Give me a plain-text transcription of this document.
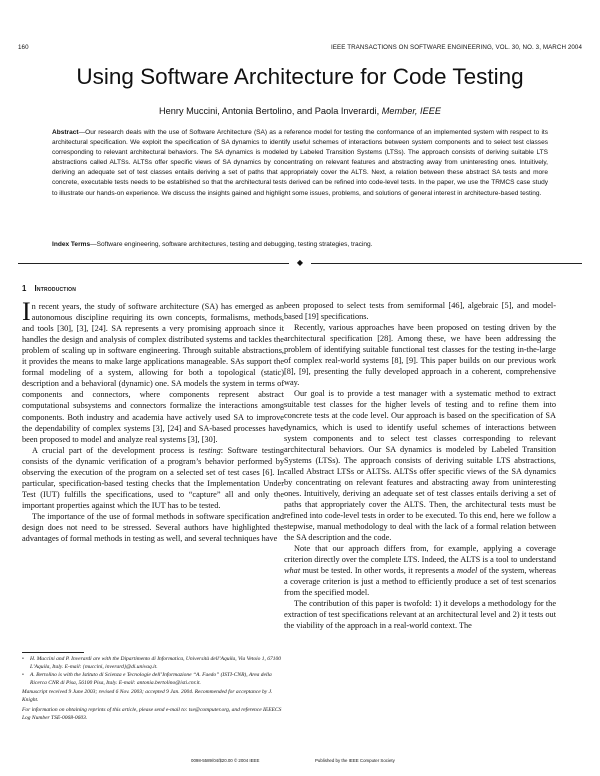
160	IEEE TRANSACTIONS ON SOFTWARE ENGINEERING, VOL. 30, NO. 3, MARCH 2004
Using Software Architecture for Code Testing
Henry Muccini, Antonia Bertolino, and Paola Inverardi, Member, IEEE
Abstract—Our research deals with the use of Software Architecture (SA) as a reference model for testing the conformance of an implemented system with respect to its architectural specification. We exploit the specification of SA dynamics to identify useful schemes of interactions between system components and to select test classes corresponding to relevant architectural behaviors. The SA dynamics is modeled by Labeled Transition Systems (LTSs). The approach consists of deriving suitable LTS abstractions called ALTSs. ALTSs offer specific views of SA dynamics by concentrating on relevant features and abstracting away from uninteresting ones. Intuitively, deriving an adequate set of test classes entails deriving a set of paths that appropriately cover the ALTS. Next, a relation between these abstract SA tests and more concrete, executable tests needs to be established so that the architectural tests derived can be refined into code-level tests. In the paper, we use the TRMCS case study to illustrate our hands-on experience. We discuss the insights gained and highlight some issues, problems, and solutions of general interest in architecture-based testing.
Index Terms—Software engineering, software architectures, testing and debugging, testing strategies, tracing.
◆
1 Introduction

In recent years, the study of software architecture (SA) has emerged as an autonomous discipline requiring its own concepts, formalisms, methods, and tools [30], [3], [24]. SA represents a very promising approach since it handles the design and analysis of complex distributed systems and tackles the problem of scaling up in software engineering. Through suitable abstractions, it provides the means to make large applications manageable. SAs support the formal modeling of a system, allowing for both a topological (static) description and a behavioral (dynamic) one. SA models the system in terms of components and connectors, where components represent abstract computational subsystems and connectors formalize the interactions among components. Both industry and academia have actively used SA to improve the dependability of complex systems [3], [24] and SA-based processes have been proposed to model and analyze real systems [3], [30].

A crucial part of the development process is testing: Software testing consists of the dynamic verification of a program’s behavior performed by observing the execution of the program on a selected set of test cases [6]. In particular, specification-based testing checks that the Implementation Under Test (IUT) fulfills the specifications, used to “capture” all and only the important properties against which the IUT has to be tested.

The importance of the use of formal methods in software specification and design does not need to be stressed. Several authors have highlighted the advantages of formal methods in testing as well, and several techniques have

been proposed to select tests from semiformal [46], algebraic [5], and model-based [19] specifications.

Recently, various approaches have been proposed on testing driven by the architectural specification [28]. Among these, we have been addressing the problem of identifying suitable functional test classes for the testing in-the-large of complex real-world systems [8], [9]. This paper builds on our previous work [8], [9], presenting the fully developed approach in a coherent, comprehensive way.

Our goal is to provide a test manager with a systematic method to extract suitable test classes for the higher levels of testing and to refine them into concrete tests at the code level. Our approach is based on the specification of SA dynamics, which is used to identify useful schemes of interactions between system components and to select test classes corresponding to relevant architectural behaviors. Our SA dynamics is modeled by Labeled Transition Systems (LTSs). The approach consists of deriving suitable LTS abstractions, called Abstract LTSs or ALTSs. ALTSs offer specific views of the SA dynamics by concentrating on relevant features and abstracting away from uninteresting ones. Intuitively, deriving an adequate set of test classes entails deriving a set of paths that appropriately cover the ALTS. Then, the architectural tests must be refined into code-level tests in order to be executed. To this end, here we follow a stepwise, manual methodology to deal with the lack of a formal relation between the SA description and the code.

Note that our approach differs from, for example, applying a coverage criterion directly over the complete LTS. Indeed, the ALTS is a tool to understand what must be tested. In other words, it represents a model of the system, whereas a coverage criterion is just a method to efficiently produce a set of test scenarios from the specified model.

The contribution of this paper is twofold: 1) it develops a methodology for the extraction of test specifications relevant at an architectural level and 2) it tests out the viability of the approach in a real-world context. The

• H. Muccini and P. Inverardi are with the Dipartimento di Informatica, Università dell’Aquila, Via Vetoio 1, 67100 L’Aquila, Italy. E-mail: {muccini, inverard}@di.univaq.it.
• A. Bertolino is with the Istituto di Scienza e Tecnologie dell’Informazione “A. Faedo” (ISTI-CNR), Area della Ricerca CNR di Pisa, 56100 Pisa, Italy. E-mail: antonia.bertolino@isti.cnr.it.
Manuscript received 9 June 2003; revised 6 Nov. 2003; accepted 9 Jan. 2004. Recommended for acceptance by J. Knight.
For information on obtaining reprints of this article, please send e-mail to: tse@computer.org, and reference IEEECS Log Number TSE-0068-0603.
0098-5589/04/$20.00 © 2004 IEEE	Published by the IEEE Computer Society
